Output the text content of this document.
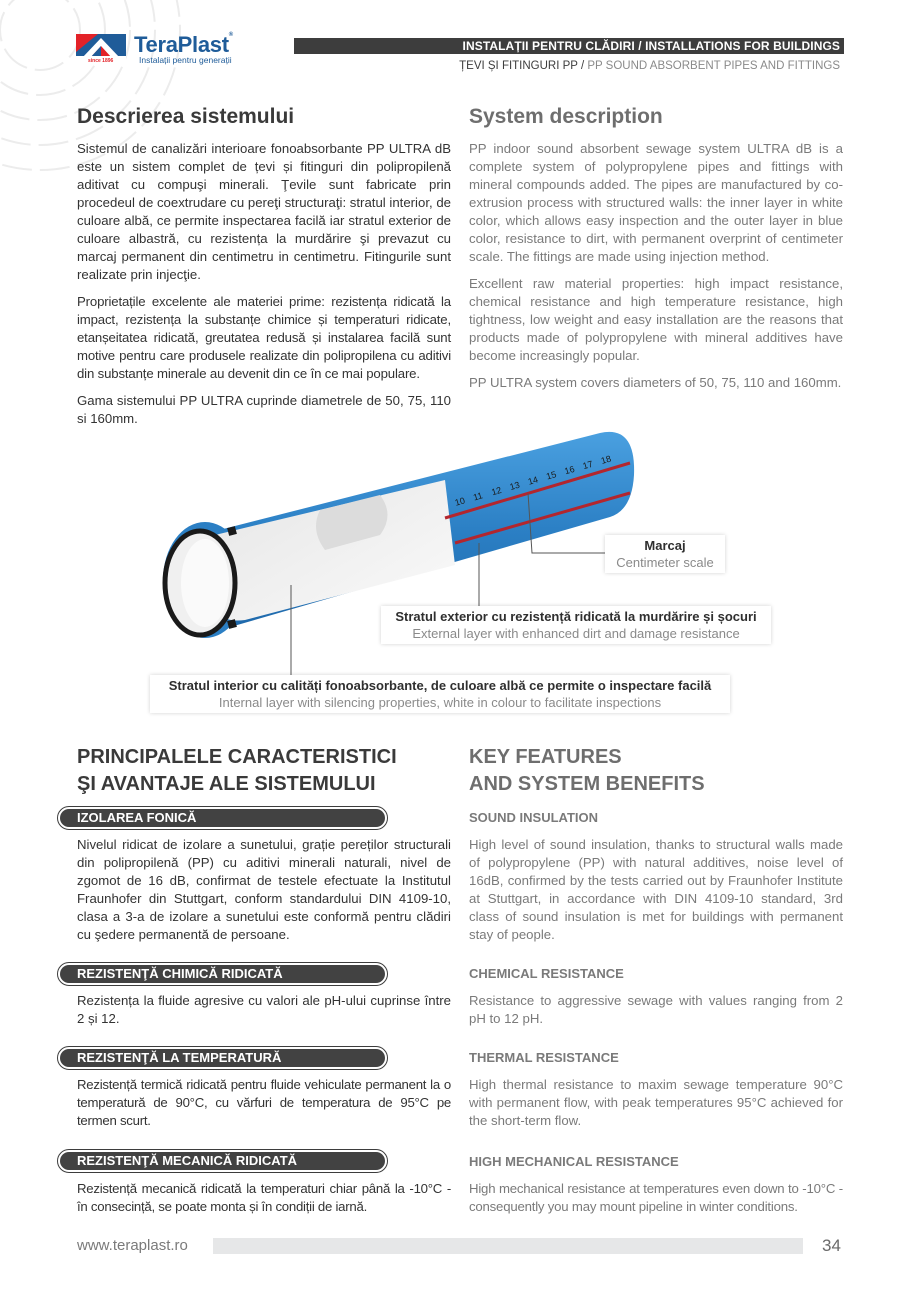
since 1896
TeraPlast®
Instalații pentru generații
INSTALAȚII PENTRU CLĂDIRI / INSTALLATIONS FOR BUILDINGS
ȚEVI ȘI FITINGURI PP / PP SOUND ABSORBENT PIPES AND FITTINGS
Descrierea sistemului

Sistemul de canalizări interioare fonoabsorbante PP ULTRA dB este un sistem complet de țevi și fitinguri din polipropilenă aditivat cu compuşi minerali. Ţevile sunt fabricate prin procedeul de coextrudare cu pereţi structuraţi: stratul interior, de culoare albă, ce permite inspectarea facilă iar stratul exterior de culoare albastră, cu rezistența la murdărire şi prevazut cu marcaj permanent din centimetru in centimetru. Fitingurile sunt realizate prin injecţie.

Proprietațile excelente ale materiei prime: rezistența ridicată la impact, rezistența la substanțe chimice și temperaturi ridicate, etanșeitatea ridicată, greutatea redusă și instalarea facilă sunt motive pentru care produsele realizate din polipropilena cu aditivi din substanțe minerale au devenit din ce în ce mai populare.

Gama sistemului PP ULTRA cuprinde diametrele de 50, 75, 110 si 160mm.

System description

PP indoor sound absorbent sewage system ULTRA dB is a complete system of polypropylene pipes and fittings with mineral compounds added. The pipes are manufactured by co-extrusion process with structured walls: the inner layer in white color, which allows easy inspection and the outer layer in blue color, resistance to dirt, with permanent overprint of centimeter scale. The fittings are made using injection method.

Excellent raw material properties: high impact resistance, chemical resistance and high temperature resistance, high tightness, low weight and easy installation are the reasons that products made of polypropylene with mineral additives have become increasingly popular.

PP ULTRA system covers diameters of 50, 75, 110 and 160mm.

10 11 12 13 14 15 16 17 18
Marcaj
Centimeter scale
Stratul exterior cu rezistență ridicată la murdărire și șocuri
External layer with enhanced dirt and damage resistance
Stratul interior cu calități fonoabsorbante, de culoare albă ce permite o inspectare facilă
Internal layer with silencing properties, white in colour to facilitate inspections
PRINCIPALELE CARACTERISTICI
ŞI AVANTAJE ALE SISTEMULUI
KEY FEATURES
AND SYSTEM BENEFITS
IZOLAREA FONICĂ	SOUND INSULATION

Nivelul ridicat de izolare a sunetului, grație pereților structurali din polipropilenă (PP) cu aditivi minerali naturali, nivel de zgomot de 16 dB, confirmat de testele efectuate la Institutul Fraunhofer din Stuttgart, conform standardului DIN 4109-10, clasa a 3-a de izolare a sunetului este conformă pentru clădiri cu şedere permanentă de persoane.

High level of sound insulation, thanks to structural walls made of polypropylene (PP) with natural additives, noise level of 16dB, confirmed by the tests carried out by Fraunhofer Institute at Stuttgart, in accordance with DIN 4109-10 standard, 3rd class of sound insulation is met for buildings with permanent stay of people.

REZISTENŢĂ CHIMICĂ RIDICATĂ	CHEMICAL RESISTANCE

Rezistența la fluide agresive cu valori ale pH-ului cuprinse între 2 și 12.

Resistance to aggressive sewage with values ranging from 2 pH to 12 pH.

REZISTENŢĂ LA TEMPERATURĂ	THERMAL RESISTANCE

Rezistență termică ridicată pentru fluide vehiculate permanent la o temperatură de 90°C, cu vărfuri de temperatura de 95°C pe termen scurt.

High thermal resistance to maxim sewage temperature 90°C with permanent flow, with peak temperatures 95°C achieved for the short-term flow.

REZISTENŢĂ MECANICĂ RIDICATĂ	HIGH MECHANICAL RESISTANCE

Rezistență mecanică ridicată la temperaturi chiar până la -10°C - în consecință, se poate monta și în condiții de iarnă.

High mechanical resistance at temperatures even down to -10°C - consequently you may mount pipeline in winter conditions.

www.teraplast.ro	34
